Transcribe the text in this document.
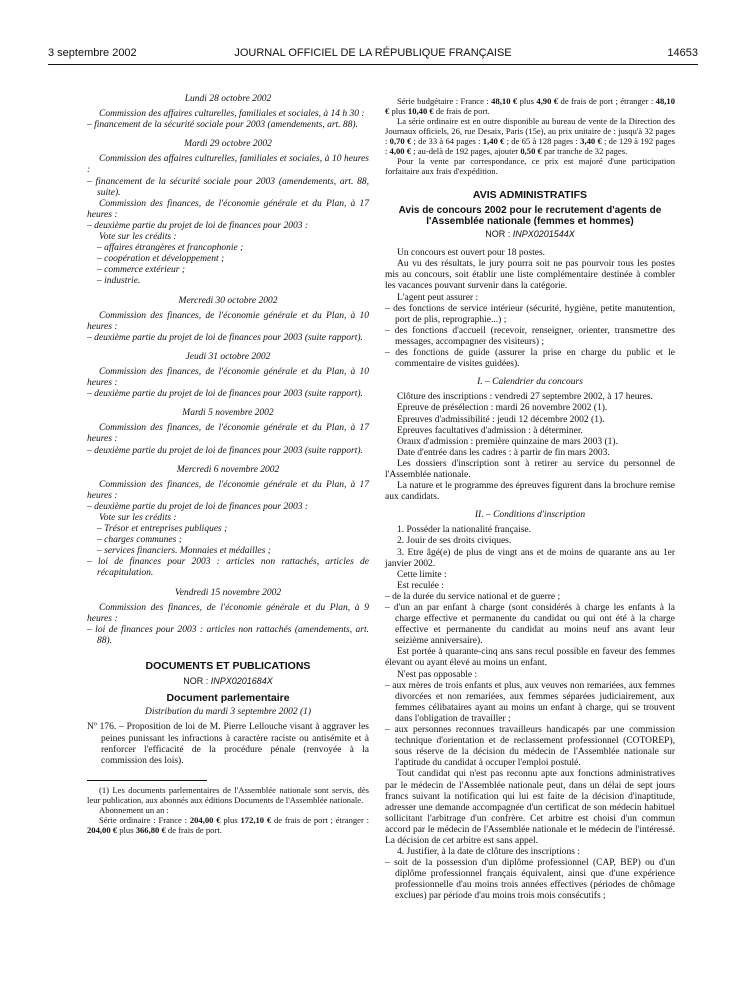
3 septembre 2002	JOURNAL OFFICIEL DE LA RÉPUBLIQUE FRANÇAISE	14653

Lundi 28 octobre 2002

Commission des affaires culturelles, familiales et sociales, à 14 h 30 :

– financement de la sécurité sociale pour 2003 (amendements, art. 88).

Mardi 29 octobre 2002

Commission des affaires culturelles, familiales et sociales, à 10 heures :

– financement de la sécurité sociale pour 2003 (amendements, art. 88, suite).

Commission des finances, de l'économie générale et du Plan, à 17 heures :

– deuxième partie du projet de loi de finances pour 2003 :

Vote sur les crédits :

– affaires étrangères et francophonie ;

– coopération et développement ;

– commerce extérieur ;

– industrie.

Mercredi 30 octobre 2002

Commission des finances, de l'économie générale et du Plan, à 10 heures :

– deuxième partie du projet de loi de finances pour 2003 (suite rapport).

Jeudi 31 octobre 2002

Commission des finances, de l'économie générale et du Plan, à 10 heures :

– deuxième partie du projet de loi de finances pour 2003 (suite rapport).

Mardi 5 novembre 2002

Commission des finances, de l'économie générale et du Plan, à 17 heures :

– deuxième partie du projet de loi de finances pour 2003 (suite rapport).

Mercredi 6 novembre 2002

Commission des finances, de l'économie générale et du Plan, à 17 heures :

– deuxième partie du projet de loi de finances pour 2003 :

Vote sur les crédits :

– Trésor et entreprises publiques ;

– charges communes ;

– services financiers. Monnaies et médailles ;

– loi de finances pour 2003 : articles non rattachés, articles de récapitulation.

Vendredi 15 novembre 2002

Commission des finances, de l'économie générale et du Plan, à 9 heures :

– loi de finances pour 2003 : articles non rattachés (amendements, art. 88).

DOCUMENTS ET PUBLICATIONS

NOR : INPX0201684X

Document parlementaire

Distribution du mardi 3 septembre 2002 (1)

Nº 176. – Proposition de loi de M. Pierre Lellouche visant à aggraver les peines punissant les infractions à caractère raciste ou antisémite et à renforcer l'efficacité de la procédure pénale (renvoyée à la commission des lois).

(1) Les documents parlementaires de l'Assemblée nationale sont servis, dès leur publication, aux abonnés aux éditions Documents de l'Assemblée nationale.

Abonnement un an :

Série ordinaire : France : 204,00 € plus 172,10 € de frais de port ; étranger : 204,00 € plus 366,80 € de frais de port.

Série budgétaire : France : 48,10 € plus 4,90 € de frais de port ; étranger : 48,10 € plus 10,40 € de frais de port.

La série ordinaire est en outre disponible au bureau de vente de la Direction des Journaux officiels, 26, rue Desaix, Paris (15e), au prix unitaire de : jusqu'à 32 pages : 0,70 € ; de 33 à 64 pages : 1,40 € ; de 65 à 128 pages : 3,40 € ; de 129 à 192 pages : 4,00 € ; au-delà de 192 pages, ajouter 0,50 € par tranche de 32 pages.

Pour la vente par correspondance, ce prix est majoré d'une participation forfaitaire aux frais d'expédition.

AVIS ADMINISTRATIFS

Avis de concours 2002 pour le recrutement d'agents de l'Assemblée nationale (femmes et hommes)

NOR : INPX0201544X

Un concours est ouvert pour 18 postes.

Au vu des résultats, le jury pourra soit ne pas pourvoir tous les postes mis au concours, soit établir une liste complémentaire destinée à combler les vacances pouvant survenir dans la catégorie.

L'agent peut assurer :

– des fonctions de service intérieur (sécurité, hygiène, petite manutention, port de plis, reprographie...) ;

– des fonctions d'accueil (recevoir, renseigner, orienter, transmettre des messages, accompagner des visiteurs) ;

– des fonctions de guide (assurer la prise en charge du public et le commentaire de visites guidées).

I. – Calendrier du concours

Clôture des inscriptions : vendredi 27 septembre 2002, à 17 heures.

Epreuve de présélection : mardi 26 novembre 2002 (1).

Epreuves d'admissibilité : jeudi 12 décembre 2002 (1).

Epreuves facultatives d'admission : à déterminer.

Oraux d'admission : première quinzaine de mars 2003 (1).

Date d'entrée dans les cadres : à partir de fin mars 2003.

Les dossiers d'inscription sont à retirer au service du personnel de l'Assemblée nationale.

La nature et le programme des épreuves figurent dans la brochure remise aux candidats.

II. – Conditions d'inscription

1. Posséder la nationalité française.

2. Jouir de ses droits civiques.

3. Etre âgé(e) de plus de vingt ans et de moins de quarante ans au 1er janvier 2002.

Cette limite :

Est reculée :

– de la durée du service national et de guerre ;

– d'un an par enfant à charge (sont considérés à charge les enfants à la charge effective et permanente du candidat ou qui ont été à la charge effective et permanente du candidat au moins neuf ans avant leur seizième anniversaire).

Est portée à quarante-cinq ans sans recul possible en faveur des femmes élevant ou ayant élevé au moins un enfant.

N'est pas opposable :

– aux mères de trois enfants et plus, aux veuves non remariées, aux femmes divorcées et non remariées, aux femmes séparées judiciairement, aux femmes célibataires ayant au moins un enfant à charge, qui se trouvent dans l'obligation de travailler ;

– aux personnes reconnues travailleurs handicapés par une commission technique d'orientation et de reclassement professionnel (COTOREP), sous réserve de la décision du médecin de l'Assemblée nationale sur l'aptitude du candidat à occuper l'emploi postulé.

Tout candidat qui n'est pas reconnu apte aux fonctions administratives par le médecin de l'Assemblée nationale peut, dans un délai de sept jours francs suivant la notification qui lui est faite de la décision d'inaptitude, adresser une demande accompagnée d'un certificat de son médecin habituel sollicitant l'arbitrage d'un confrère. Cet arbitre est choisi d'un commun accord par le médecin de l'Assemblée nationale et le médecin de l'intéressé. La décision de cet arbitre est sans appel.

4. Justifier, à la date de clôture des inscriptions :

– soit de la possession d'un diplôme professionnel (CAP, BEP) ou d'un diplôme professionnel français équivalent, ainsi que d'une expérience professionnelle d'au moins trois années effectives (périodes de chômage exclues) par période d'au moins trois mois consécutifs ;
